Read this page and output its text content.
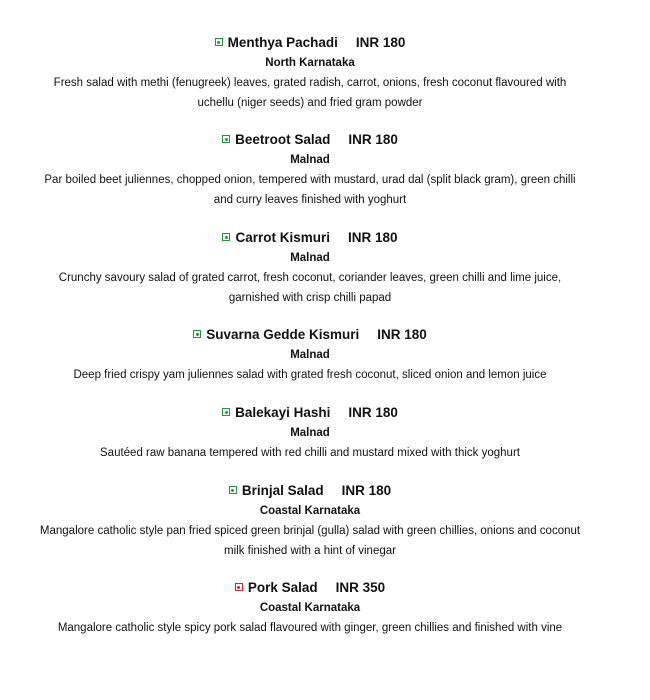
Menthya Pachadi INR 180
North Karnataka
Fresh salad with methi (fenugreek) leaves, grated radish, carrot, onions, fresh coconut flavoured with uchellu (niger seeds) and fried gram powder
Beetroot Salad INR 180
Malnad
Par boiled beet juliennes, chopped onion, tempered with mustard, urad dal (split black gram), green chilli and curry leaves finished with yoghurt
Carrot Kismuri INR 180
Malnad
Crunchy savoury salad of grated carrot, fresh coconut, coriander leaves, green chilli and lime juice, garnished with crisp chilli papad
Suvarna Gedde Kismuri INR 180
Malnad
Deep fried crispy yam juliennes salad with grated fresh coconut, sliced onion and lemon juice
Balekayi Hashi INR 180
Malnad
Sautéed raw banana tempered with red chilli and mustard mixed with thick yoghurt
Brinjal Salad INR 180
Coastal Karnataka
Mangalore catholic style pan fried spiced green brinjal (gulla) salad with green chillies, onions and coconut milk finished with a hint of vinegar
Pork Salad INR 350
Coastal Karnataka
Mangalore catholic style spicy pork salad flavoured with ginger, green chillies and finished with vine
